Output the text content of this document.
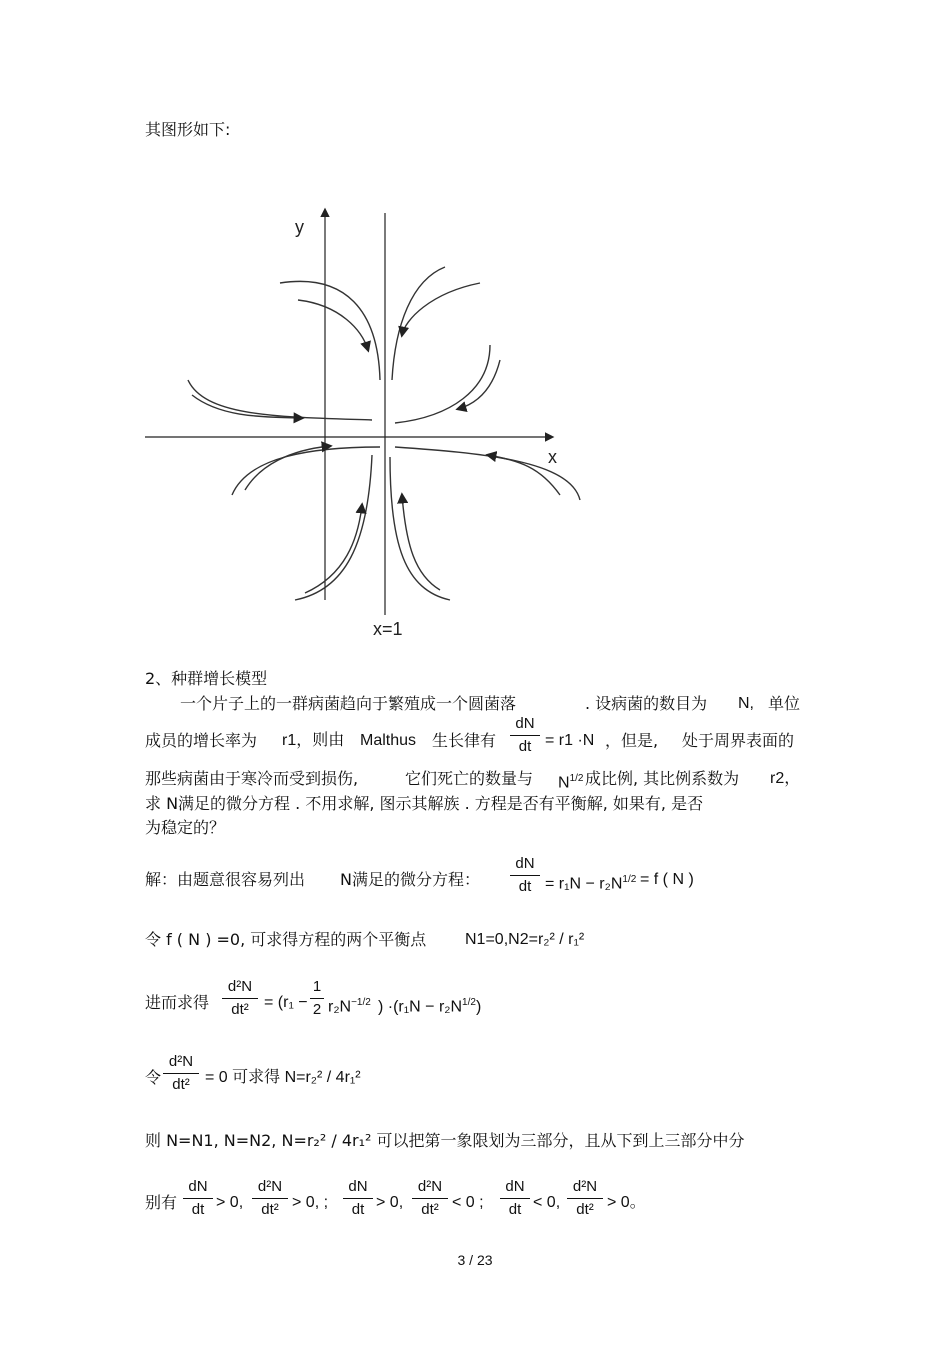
其图形如下:
y
x
x=1
2、种群增长模型
一个片子上的一群病菌趋向于繁殖成一个圆菌落	. 设病菌的数目为 N, 单位
成员的增长率为 r1，则由 Malthus 生长律有
dN
dt = r1 ·N ，但是, 处于周界表面的
那些病菌由于寒冷而受到损伤,	它们死亡的数量与 $N^{1/2}$ 成比例, 其比例系数为 r2，
求 N满足的微分方程 . 不用求解, 图示其解族 . 方程是否有平衡解, 如果有, 是否
为稳定的？
解：由题意很容易列出 N满足的微分方程：
dN
dt = $r_1N - r_2N^{1/2} = f$ ( N )
令 f ( N ) =0, 可求得方程的两个平衡点 N1=0,N2=r₂² / r₁²
进而求得
d²N
dt² = (r₁ −
1
2 $r_2N^{-1/2}$ ) $\cdot(r_1N - r_2N^{1/2})$
令
d²N
dt² = 0 可求得 N=r₂² / 4r₁²
则 N=N1, N=N2, N=r₂² / 4r₁² 可以把第一象限划为三部分，且从下到上三部分中分
别有
dN
dt > 0,
d²N
dt² > 0, ;
dN
dt > 0,
d²N
dt² < 0 ;
dN
dt < 0,
d²N
dt² > 0。
3 / 23
